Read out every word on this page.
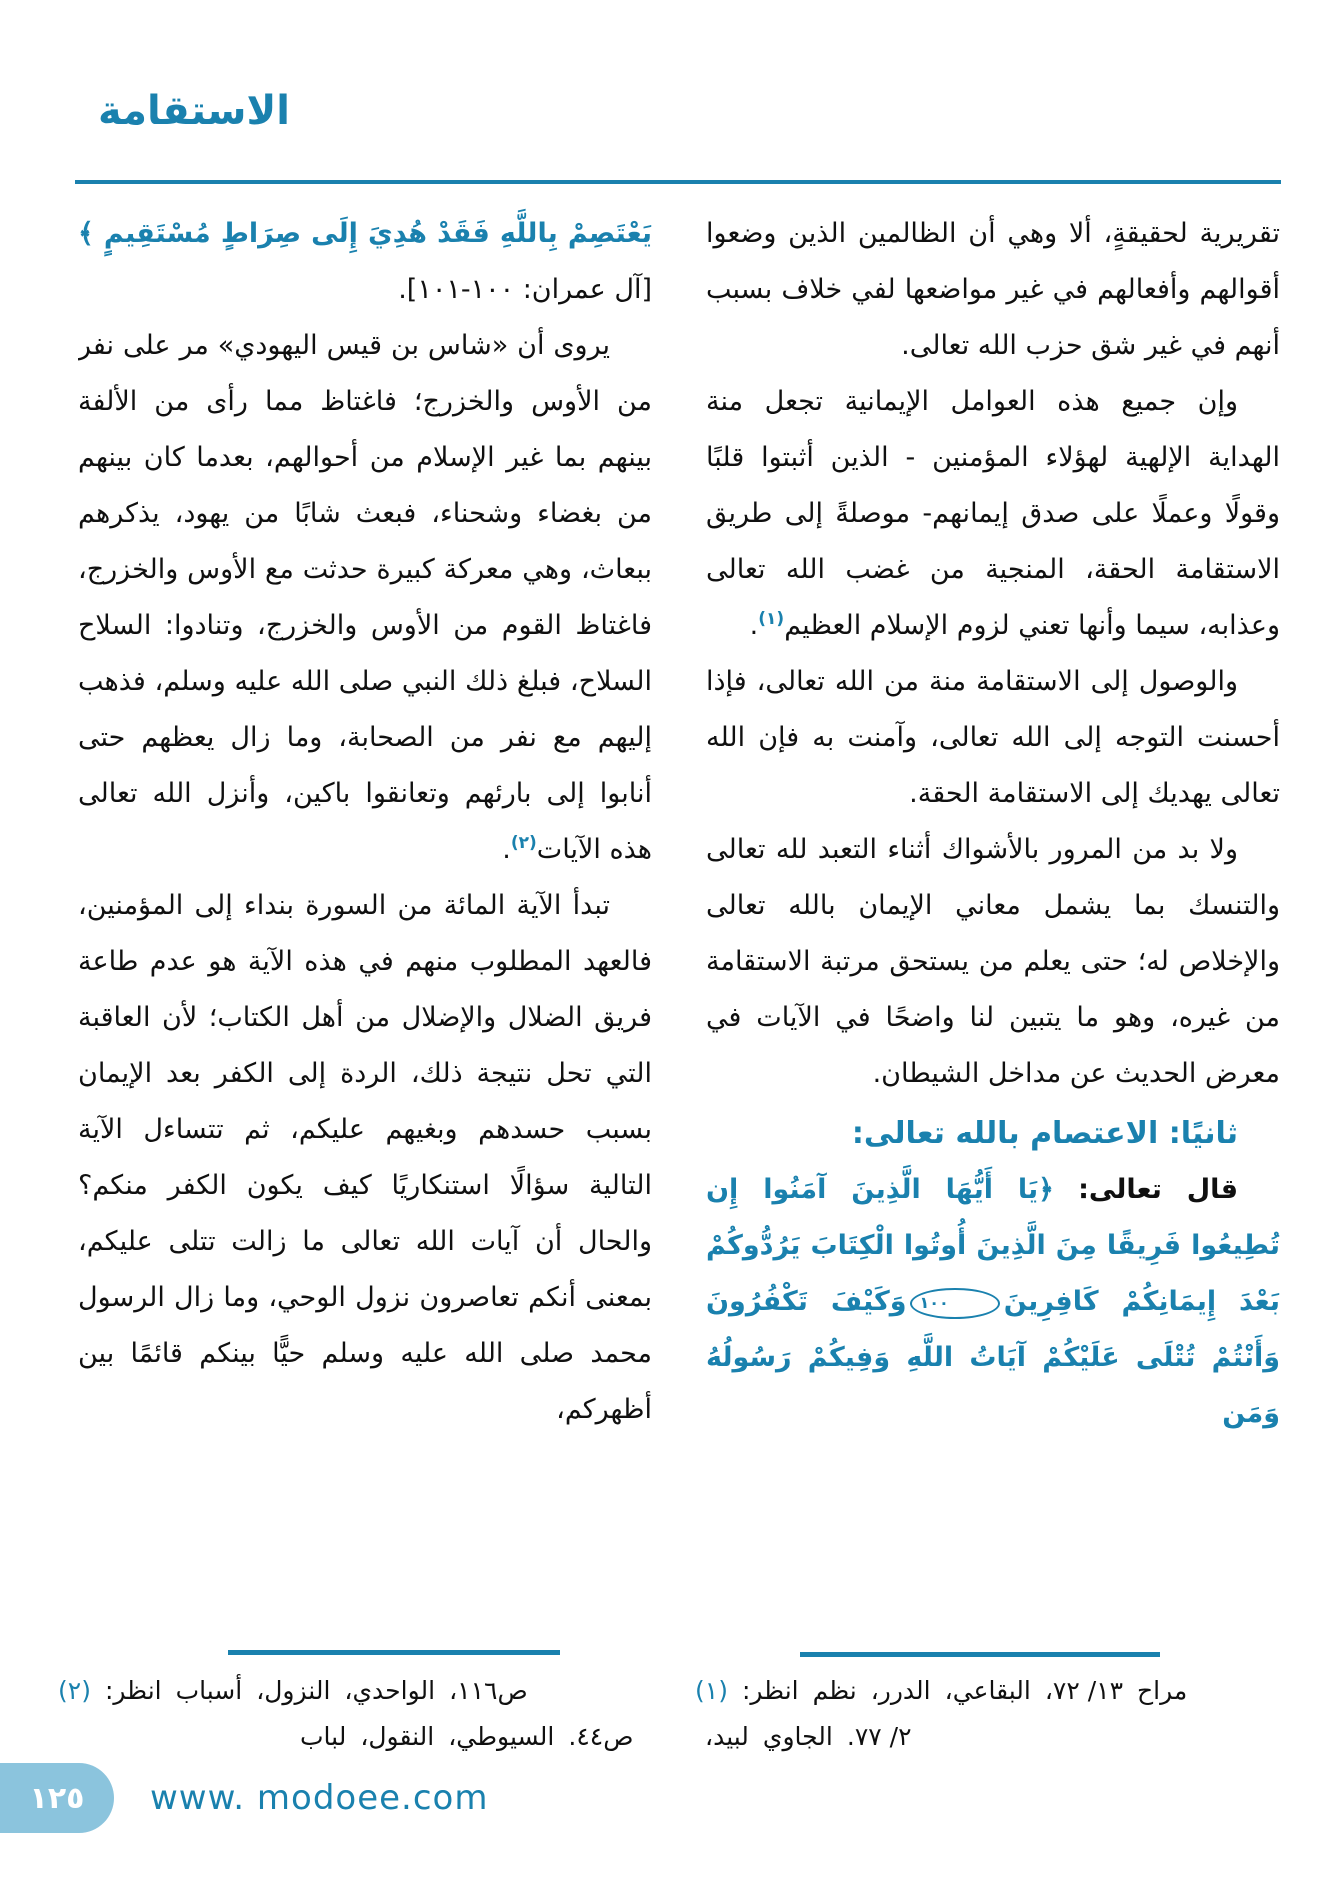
الاستقامة

تقريرية لحقيقةٍ، ألا وهي أن الظالمين الذين وضعوا أقوالهم وأفعالهم في غير مواضعها لفي خلاف بسبب أنهم في غير شق حزب الله تعالى.

وإن جميع هذه العوامل الإيمانية تجعل منة الهداية الإلهية لهؤلاء المؤمنين - الذين أثبتوا قلبًا وقولًا وعملًا على صدق إيمانهم- موصلةً إلى طريق الاستقامة الحقة، المنجية من غضب الله تعالى وعذابه، سيما وأنها تعني لزوم الإسلام العظيم$^{(١)}$.

والوصول إلى الاستقامة منة من الله تعالى، فإذا أحسنت التوجه إلى الله تعالى، وآمنت به فإن الله تعالى يهديك إلى الاستقامة الحقة.

ولا بد من المرور بالأشواك أثناء التعبد لله تعالى والتنسك بما يشمل معاني الإيمان بالله تعالى والإخلاص له؛ حتى يعلم من يستحق مرتبة الاستقامة من غيره، وهو ما يتبين لنا واضحًا في الآيات في معرض الحديث عن مداخل الشيطان.

ثانيًا: الاعتصام بالله تعالى:

قال تعالى: ﴿يَا أَيُّهَا الَّذِينَ آمَنُوا إِن تُطِيعُوا فَرِيقًا مِنَ الَّذِينَ أُوتُوا الْكِتَابَ يَرُدُّوكُمْ بَعْدَ إِيمَانِكُمْ كَافِرِينَ١٠٠وَكَيْفَ تَكْفُرُونَ وَأَنْتُمْ تُتْلَى عَلَيْكُمْ آيَاتُ اللَّهِ وَفِيكُمْ رَسُولُهُ وَمَن

يَعْتَصِمْ بِاللَّهِ فَقَدْ هُدِيَ إِلَى صِرَاطٍ مُسْتَقِيمٍ ﴾ [آل عمران: ١٠٠-١٠١].

يروى أن «شاس بن قيس اليهودي» مر على نفر من الأوس والخزرج؛ فاغتاظ مما رأى من الألفة بينهم بما غير الإسلام من أحوالهم، بعدما كان بينهم من بغضاء وشحناء، فبعث شابًا من يهود، يذكرهم ببعاث، وهي معركة كبيرة حدثت مع الأوس والخزرج، فاغتاظ القوم من الأوس والخزرج، وتنادوا: السلاح السلاح، فبلغ ذلك النبي صلى الله عليه وسلم، فذهب إليهم مع نفر من الصحابة، وما زال يعظهم حتى أنابوا إلى بارئهم وتعانقوا باكين، وأنزل الله تعالى هذه الآيات$^{(٢)}$.

تبدأ الآية المائة من السورة بنداء إلى المؤمنين، فالعهد المطلوب منهم في هذه الآية هو عدم طاعة فريق الضلال والإضلال من أهل الكتاب؛ لأن العاقبة التي تحل نتيجة ذلك، الردة إلى الكفر بعد الإيمان بسبب حسدهم وبغيهم عليكم، ثم تتساءل الآية التالية سؤالًا استنكاريًا كيف يكون الكفر منكم؟ والحال أن آيات الله تعالى ما زالت تتلى عليكم، بمعنى أنكم تعاصرون نزول الوحي، وما زال الرسول محمد صلى الله عليه وسلم حيًّا بينكم قائمًا بين أظهركم،

(١) انظر: نظم الدرر، البقاعي، ١٣/ ٧٢، مراح
لبيد، الجاوي ٢/ ٧٧.
(٢) انظر: أسباب النزول، الواحدي، ص١١٦،
لباب النقول، السيوطي، ص٤٤.
١٢٥ www. modoee.com
